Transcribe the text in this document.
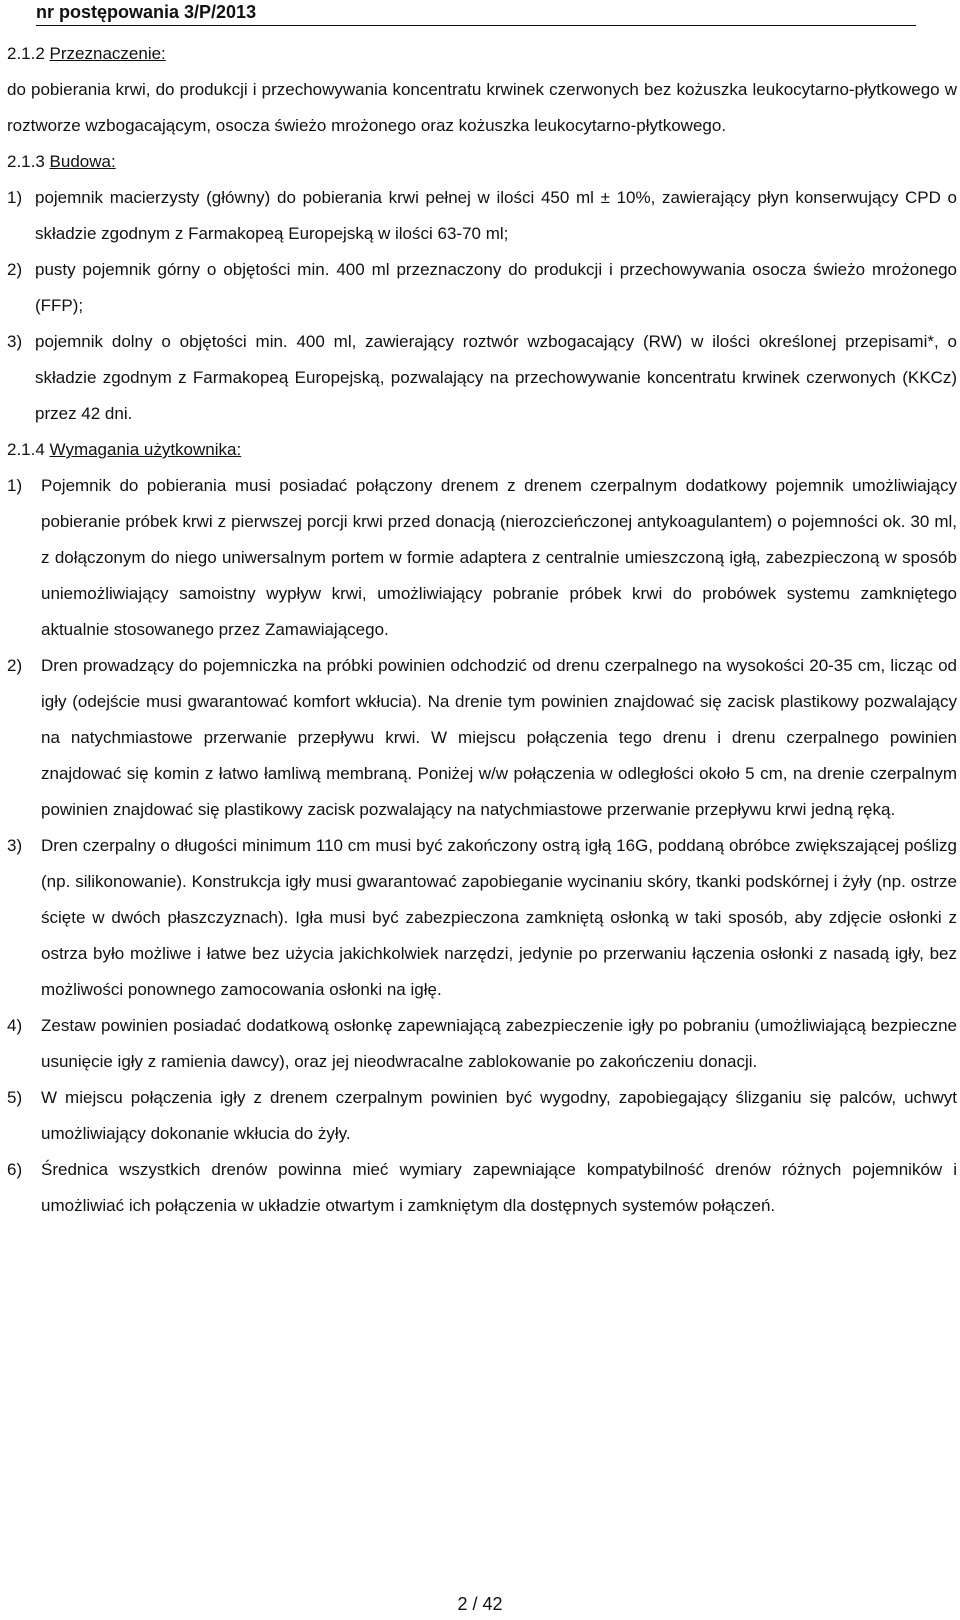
nr postępowania 3/P/2013

2.1.2 Przeznaczenie:

do pobierania krwi, do produkcji i przechowywania koncentratu krwinek czerwonych bez kożuszka leukocytarno-płytkowego w roztworze wzbogacającym, osocza świeżo mrożonego oraz kożuszka leukocytarno-płytkowego.

2.1.3 Budowa:

1) pojemnik macierzysty (główny) do pobierania krwi pełnej w ilości 450 ml ± 10%, zawierający płyn konserwujący CPD o składzie zgodnym z Farmakopeą Europejską w ilości 63-70 ml;
2) pusty pojemnik górny o objętości min. 400 ml przeznaczony do produkcji i przechowywania osocza świeżo mrożonego (FFP);
3) pojemnik dolny o objętości min. 400 ml, zawierający roztwór wzbogacający (RW) w ilości określonej przepisami*, o składzie zgodnym z Farmakopeą Europejską, pozwalający na przechowywanie koncentratu krwinek czerwonych (KKCz) przez 42 dni.

2.1.4 Wymagania użytkownika:

1) Pojemnik do pobierania musi posiadać połączony drenem z drenem czerpalnym dodatkowy pojemnik umożliwiający pobieranie próbek krwi z pierwszej porcji krwi przed donacją (nierozcieńczonej antykoagulantem) o pojemności ok. 30 ml, z dołączonym do niego uniwersalnym portem w formie adaptera z centralnie umieszczoną igłą, zabezpieczoną w sposób uniemożliwiający samoistny wypływ krwi, umożliwiający pobranie próbek krwi do probówek systemu zamkniętego aktualnie stosowanego przez Zamawiającego.
2) Dren prowadzący do pojemniczka na próbki powinien odchodzić od drenu czerpalnego na wysokości 20-35 cm, licząc od igły (odejście musi gwarantować komfort wkłucia). Na drenie tym powinien znajdować się zacisk plastikowy pozwalający na natychmiastowe przerwanie przepływu krwi. W miejscu połączenia tego drenu i drenu czerpalnego powinien znajdować się komin z łatwo łamliwą membraną. Poniżej w/w połączenia w odległości około 5 cm, na drenie czerpalnym powinien znajdować się plastikowy zacisk pozwalający na natychmiastowe przerwanie przepływu krwi jedną ręką.
3) Dren czerpalny o długości minimum 110 cm musi być zakończony ostrą igłą 16G, poddaną obróbce zwiększającej poślizg (np. silikonowanie). Konstrukcja igły musi gwarantować zapobieganie wycinaniu skóry, tkanki podskórnej i żyły (np. ostrze ścięte w dwóch płaszczyznach). Igła musi być zabezpieczona zamkniętą osłonką w taki sposób, aby zdjęcie osłonki z ostrza było możliwe i łatwe bez użycia jakichkolwiek narzędzi, jedynie po przerwaniu łączenia osłonki z nasadą igły, bez możliwości ponownego zamocowania osłonki na igłę.
4) Zestaw powinien posiadać dodatkową osłonkę zapewniającą zabezpieczenie igły po pobraniu (umożliwiającą bezpieczne usunięcie igły z ramienia dawcy), oraz jej nieodwracalne zablokowanie po zakończeniu donacji.
5) W miejscu połączenia igły z drenem czerpalnym powinien być wygodny, zapobiegający ślizganiu się palców, uchwyt umożliwiający dokonanie wkłucia do żyły.
6) Średnica wszystkich drenów powinna mieć wymiary zapewniające kompatybilność drenów różnych pojemników i umożliwiać ich połączenia w układzie otwartym i zamkniętym dla dostępnych systemów połączeń.
2 / 42
